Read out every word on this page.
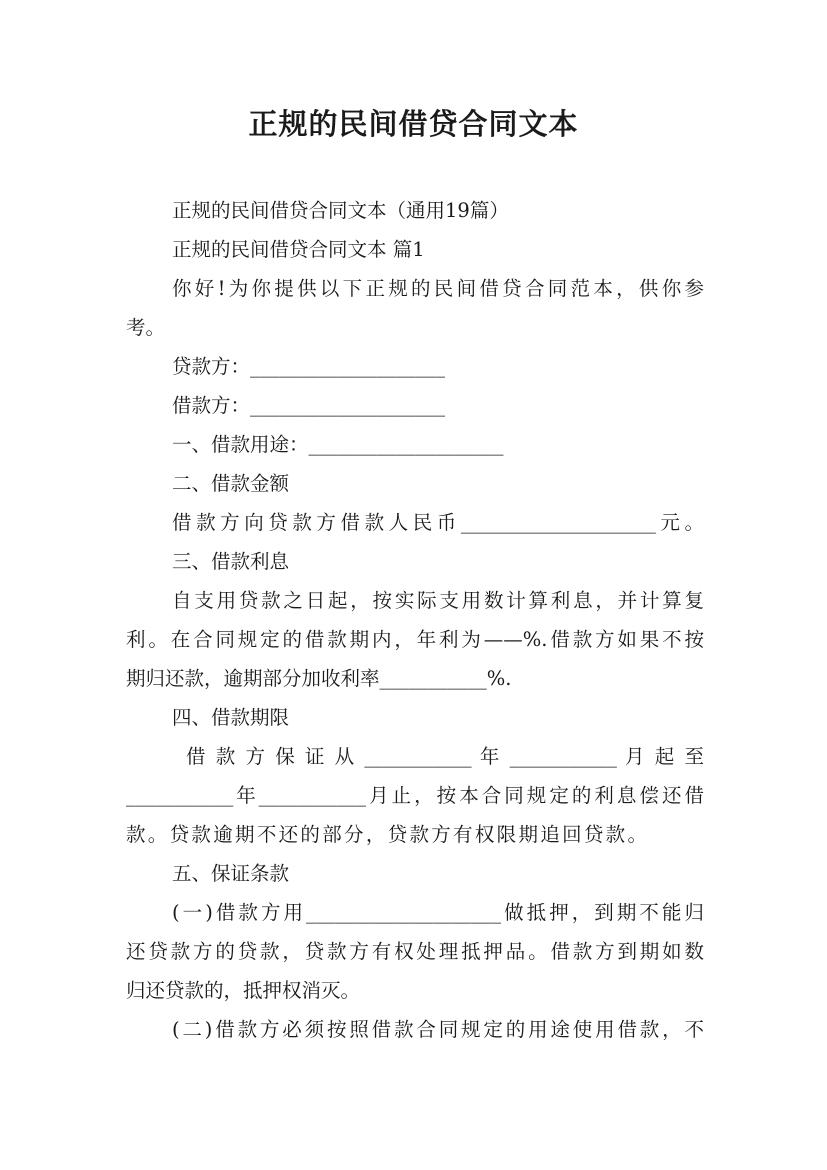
正规的民间借贷合同文本
正规的民间借贷合同文本（通用19篇）
正规的民间借贷合同文本 篇1
你好!为你提供以下正规的民间借贷合同范本，供你参
考。
贷款方：____________________
借款方：____________________
一、借款用途：____________________
二、借款金额
借款方向贷款方借款人民币____________________元。
三、借款利息
自支用贷款之日起，按实际支用数计算利息，并计算复
利。在合同规定的借款期内，年利为——%.借款方如果不按
期归还款，逾期部分加收利率___________%.
四、借款期限
借 款 方 保 证 从 ___________ 年 ___________ 月 起 至
___________年___________月止，按本合同规定的利息偿还借
款。贷款逾期不还的部分，贷款方有权限期追回贷款。
五、保证条款
(一)借款方用____________________做抵押，到期不能归
还贷款方的贷款，贷款方有权处理抵押品。借款方到期如数
归还贷款的，抵押权消灭。
(二)借款方必须按照借款合同规定的用途使用借款，不
